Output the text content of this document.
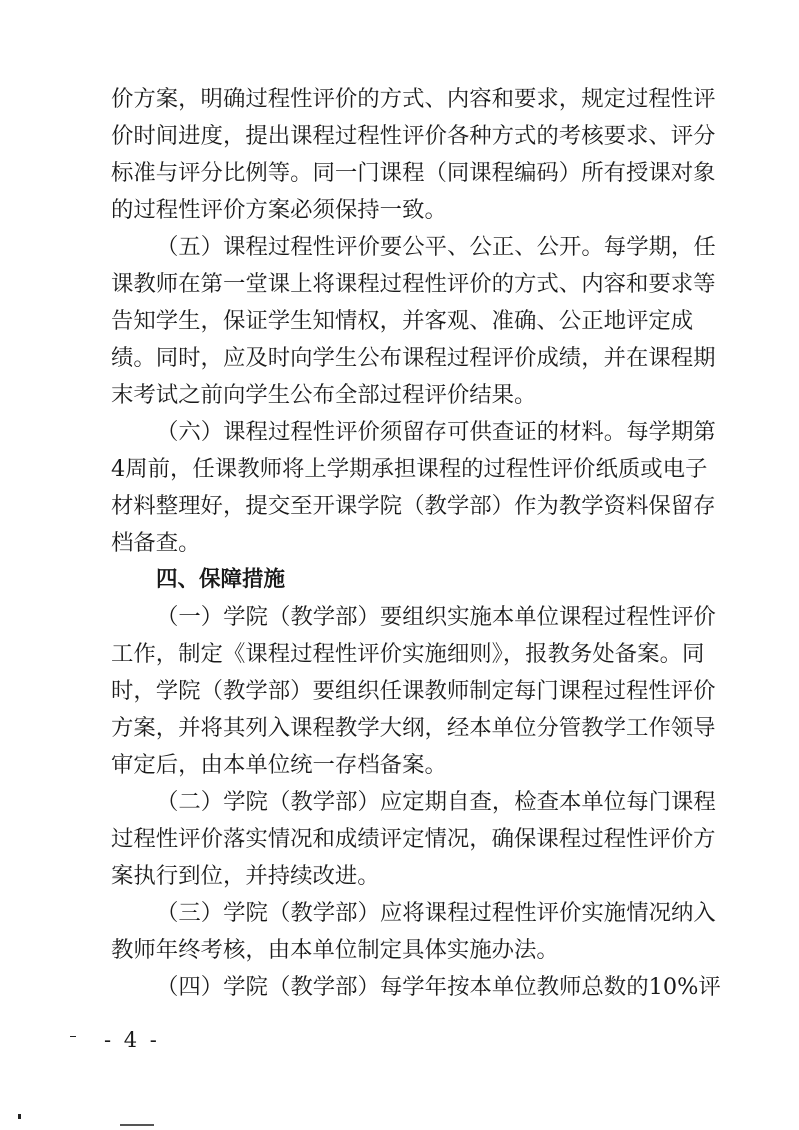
价方案，明确过程性评价的方式、内容和要求，规定过程性评
价时间进度，提出课程过程性评价各种方式的考核要求、评分
标准与评分比例等。同一门课程（同课程编码）所有授课对象
的过程性评价方案必须保持一致。
（五）课程过程性评价要公平、公正、公开。每学期，任
课教师在第一堂课上将课程过程性评价的方式、内容和要求等
告知学生，保证学生知情权，并客观、准确、公正地评定成
绩。同时，应及时向学生公布课程过程评价成绩，并在课程期
末考试之前向学生公布全部过程评价结果。
（六）课程过程性评价须留存可供查证的材料。每学期第
4周前，任课教师将上学期承担课程的过程性评价纸质或电子
材料整理好，提交至开课学院（教学部）作为教学资料保留存
档备查。
四、保障措施
（一）学院（教学部）要组织实施本单位课程过程性评价
工作，制定《课程过程性评价实施细则》，报教务处备案。同
时，学院（教学部）要组织任课教师制定每门课程过程性评价
方案，并将其列入课程教学大纲，经本单位分管教学工作领导
审定后，由本单位统一存档备案。
（二）学院（教学部）应定期自查，检查本单位每门课程
过程性评价落实情况和成绩评定情况，确保课程过程性评价方
案执行到位，并持续改进。
（三）学院（教学部）应将课程过程性评价实施情况纳入
教师年终考核，由本单位制定具体实施办法。
（四）学院（教学部）每学年按本单位教师总数的10%评
- 4 -
